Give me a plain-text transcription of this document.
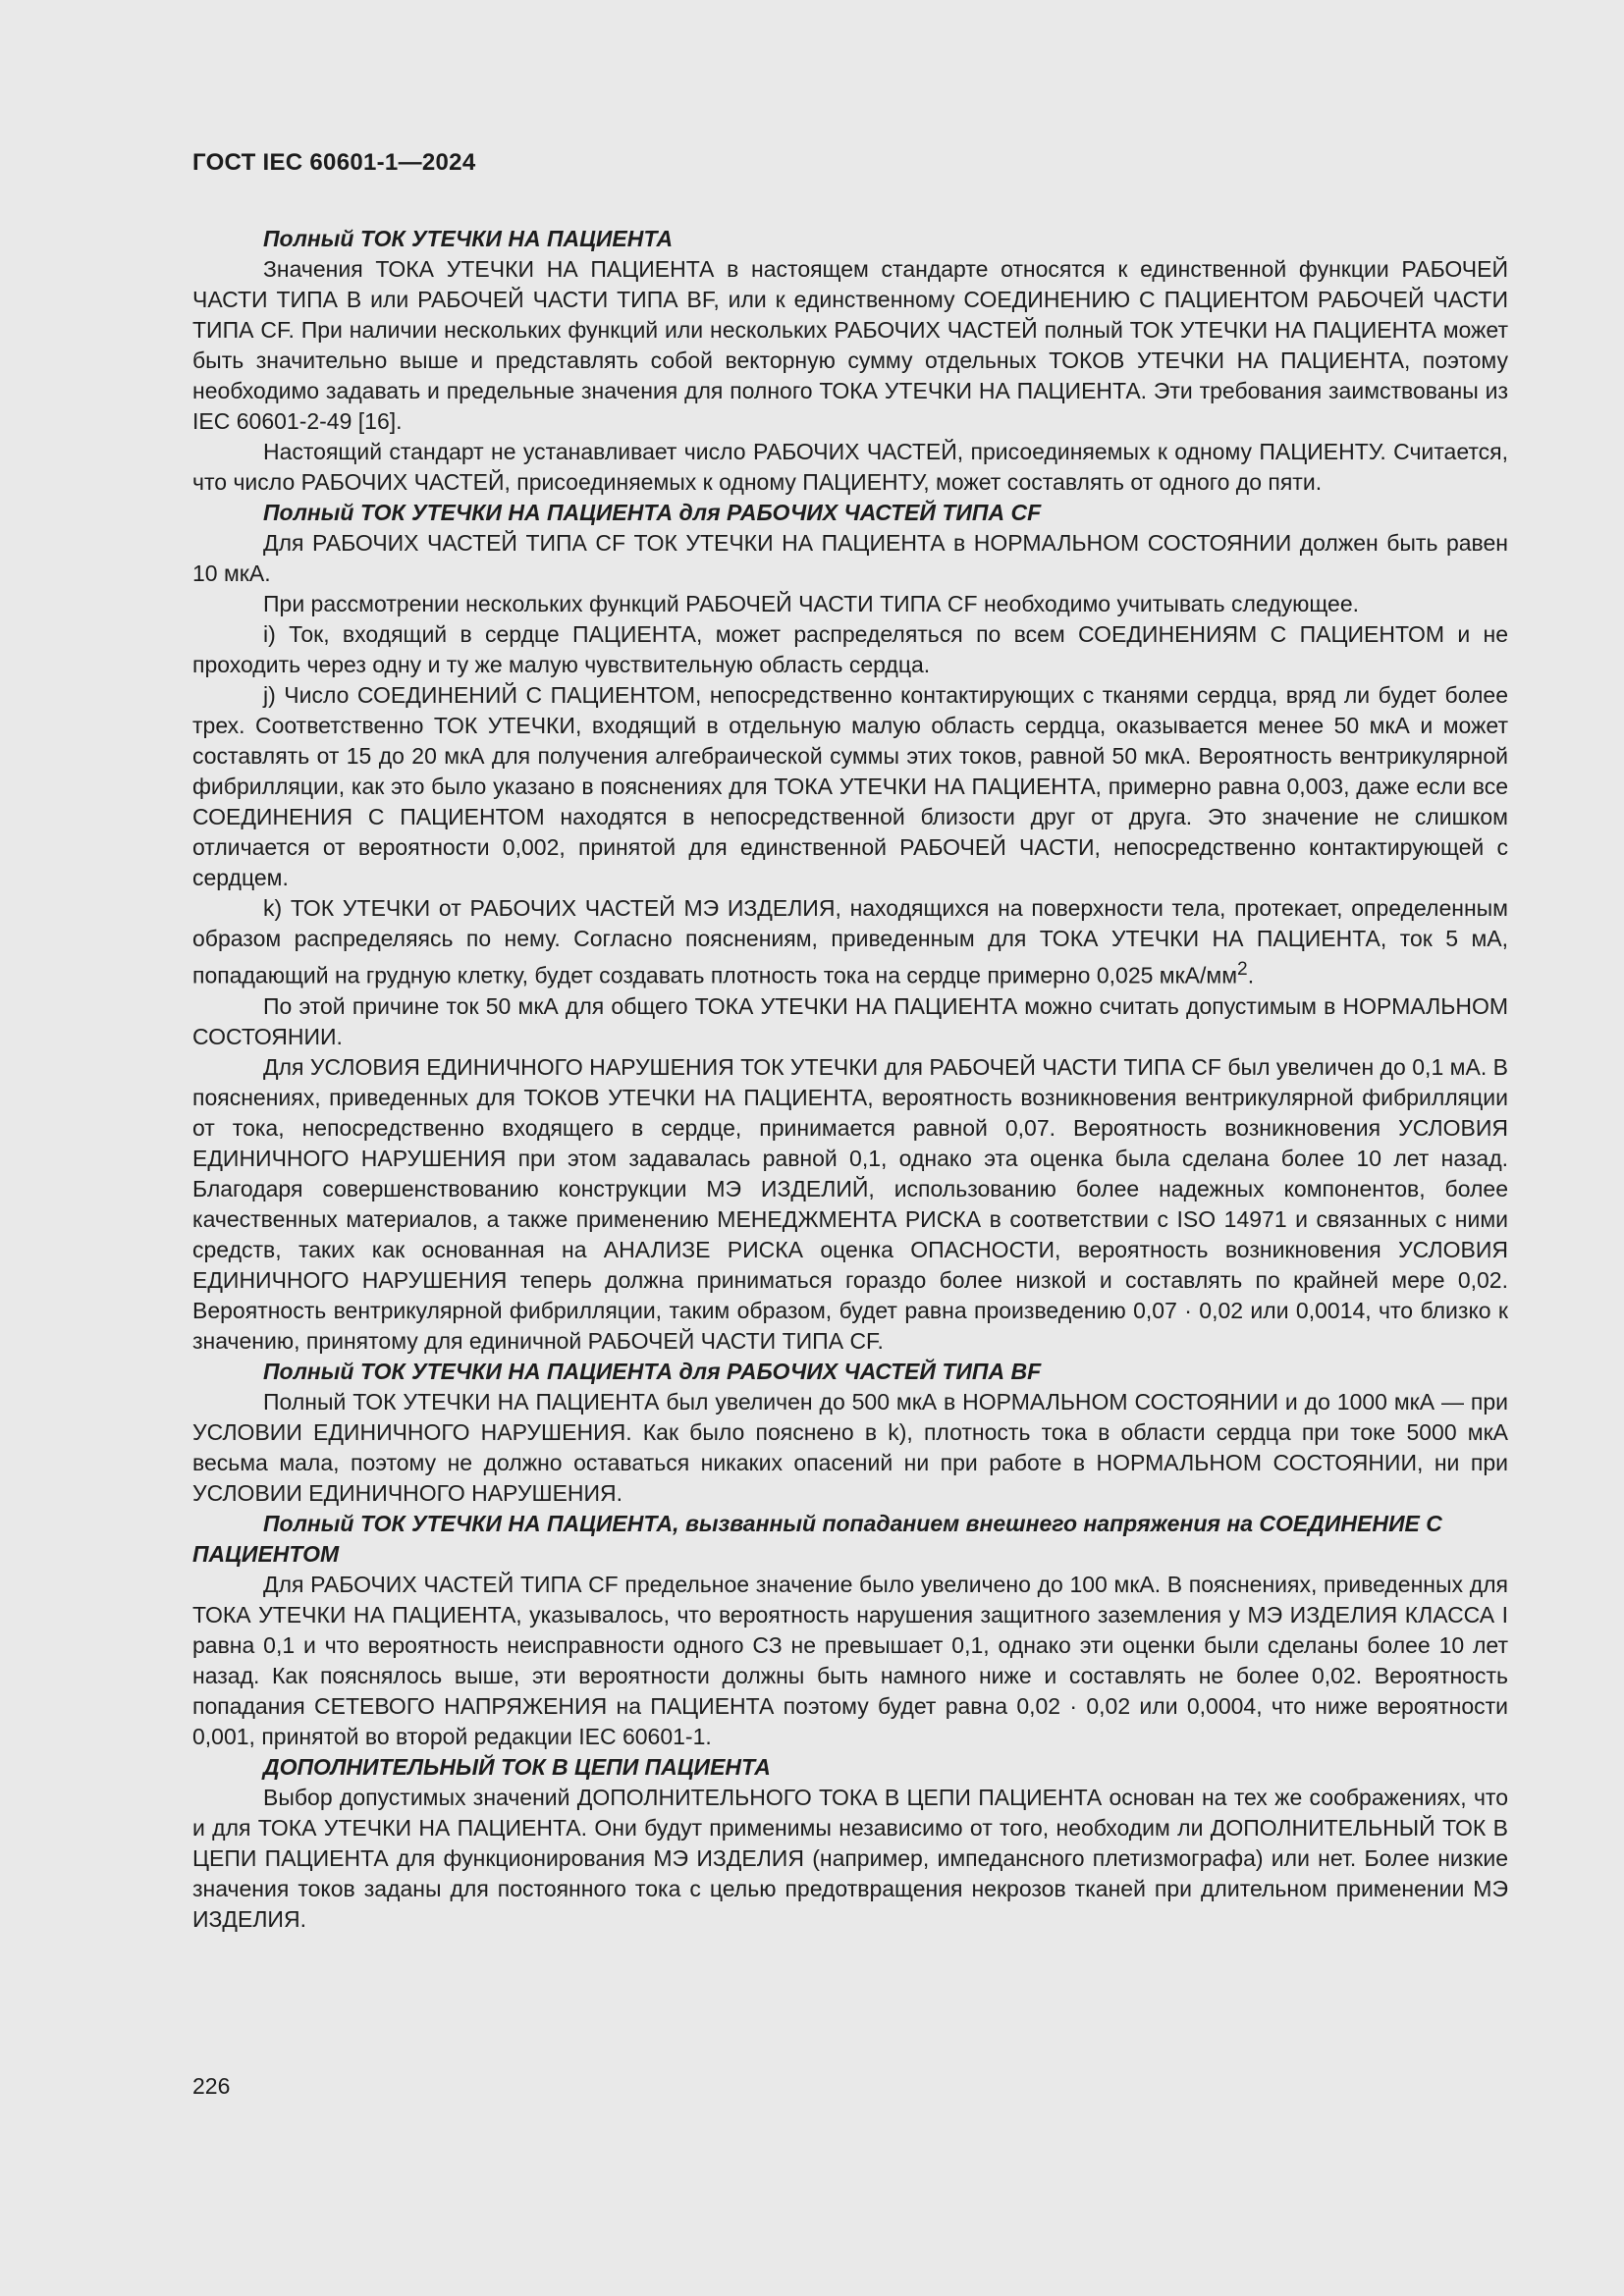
ГОСТ IEC 60601-1—2024

Полный ТОК УТЕЧКИ НА ПАЦИЕНТА

Значения ТОКА УТЕЧКИ НА ПАЦИЕНТА в настоящем стандарте относятся к единственной функции РАБОЧЕЙ ЧАСТИ ТИПА В или РАБОЧЕЙ ЧАСТИ ТИПА BF, или к единственному СОЕДИНЕНИЮ С ПАЦИЕНТОМ РАБОЧЕЙ ЧАСТИ ТИПА CF. При наличии нескольких функций или нескольких РАБОЧИХ ЧАСТЕЙ полный ТОК УТЕЧКИ НА ПАЦИЕНТА может быть значительно выше и представлять собой векторную сумму отдельных ТОКОВ УТЕЧКИ НА ПАЦИЕНТА, поэтому необходимо задавать и предельные значения для полного ТОКА УТЕЧКИ НА ПАЦИЕНТА. Эти требования заимствованы из IEC 60601-2-49 [16].

Настоящий стандарт не устанавливает число РАБОЧИХ ЧАСТЕЙ, присоединяемых к одному ПАЦИЕНТУ. Считается, что число РАБОЧИХ ЧАСТЕЙ, присоединяемых к одному ПАЦИЕНТУ, может составлять от одного до пяти.

Полный ТОК УТЕЧКИ НА ПАЦИЕНТА для РАБОЧИХ ЧАСТЕЙ ТИПА CF

Для РАБОЧИХ ЧАСТЕЙ ТИПА CF ТОК УТЕЧКИ НА ПАЦИЕНТА в НОРМАЛЬНОМ СОСТОЯНИИ должен быть равен 10 мкА.

При рассмотрении нескольких функций РАБОЧЕЙ ЧАСТИ ТИПА CF необходимо учитывать следующее.

i) Ток, входящий в сердце ПАЦИЕНТА, может распределяться по всем СОЕДИНЕНИЯМ С ПАЦИЕНТОМ и не проходить через одну и ту же малую чувствительную область сердца.

j) Число СОЕДИНЕНИЙ С ПАЦИЕНТОМ, непосредственно контактирующих с тканями сердца, вряд ли будет более трех. Соответственно ТОК УТЕЧКИ, входящий в отдельную малую область сердца, оказывается менее 50 мкА и может составлять от 15 до 20 мкА для получения алгебраической суммы этих токов, равной 50 мкА. Вероятность вентрикулярной фибрилляции, как это было указано в пояснениях для ТОКА УТЕЧКИ НА ПАЦИЕНТА, примерно равна 0,003, даже если все СОЕДИНЕНИЯ С ПАЦИЕНТОМ находятся в непосредственной близости друг от друга. Это значение не слишком отличается от вероятности 0,002, принятой для единственной РАБОЧЕЙ ЧАСТИ, непосредственно контактирующей с сердцем.

k) ТОК УТЕЧКИ от РАБОЧИХ ЧАСТЕЙ МЭ ИЗДЕЛИЯ, находящихся на поверхности тела, протекает, определенным образом распределяясь по нему. Согласно пояснениям, приведенным для ТОКА УТЕЧКИ НА ПАЦИЕНТА, ток 5 мА, попадающий на грудную клетку, будет создавать плотность тока на сердце примерно 0,025 мкА/$мм^2$.

По этой причине ток 50 мкА для общего ТОКА УТЕЧКИ НА ПАЦИЕНТА можно считать допустимым в НОРМАЛЬНОМ СОСТОЯНИИ.

Для УСЛОВИЯ ЕДИНИЧНОГО НАРУШЕНИЯ ТОК УТЕЧКИ для РАБОЧЕЙ ЧАСТИ ТИПА CF был увеличен до 0,1 мА. В пояснениях, приведенных для ТОКОВ УТЕЧКИ НА ПАЦИЕНТА, вероятность возникновения вентрикулярной фибрилляции от тока, непосредственно входящего в сердце, принимается равной 0,07. Вероятность возникновения УСЛОВИЯ ЕДИНИЧНОГО НАРУШЕНИЯ при этом задавалась равной 0,1, однако эта оценка была сделана более 10 лет назад. Благодаря совершенствованию конструкции МЭ ИЗДЕЛИЙ, использованию более надежных компонентов, более качественных материалов, а также применению МЕНЕДЖМЕНТА РИСКА в соответствии с ISO 14971 и связанных с ними средств, таких как основанная на АНАЛИЗЕ РИСКА оценка ОПАСНОСТИ, вероятность возникновения УСЛОВИЯ ЕДИНИЧНОГО НАРУШЕНИЯ теперь должна приниматься гораздо более низкой и составлять по крайней мере 0,02. Вероятность вентрикулярной фибрилляции, таким образом, будет равна произведению 0,07 · 0,02 или 0,0014, что близко к значению, принятому для единичной РАБОЧЕЙ ЧАСТИ ТИПА CF.

Полный ТОК УТЕЧКИ НА ПАЦИЕНТА для РАБОЧИХ ЧАСТЕЙ ТИПА BF

Полный ТОК УТЕЧКИ НА ПАЦИЕНТА был увеличен до 500 мкА в НОРМАЛЬНОМ СОСТОЯНИИ и до 1000 мкА — при УСЛОВИИ ЕДИНИЧНОГО НАРУШЕНИЯ. Как было пояснено в k), плотность тока в области сердца при токе 5000 мкА весьма мала, поэтому не должно оставаться никаких опасений ни при работе в НОРМАЛЬНОМ СОСТОЯНИИ, ни при УСЛОВИИ ЕДИНИЧНОГО НАРУШЕНИЯ.

Полный ТОК УТЕЧКИ НА ПАЦИЕНТА, вызванный попаданием внешнего напряжения на СОЕДИНЕНИЕ С ПАЦИЕНТОМ

Для РАБОЧИХ ЧАСТЕЙ ТИПА CF предельное значение было увеличено до 100 мкА. В пояснениях, приведенных для ТОКА УТЕЧКИ НА ПАЦИЕНТА, указывалось, что вероятность нарушения защитного заземления у МЭ ИЗДЕЛИЯ КЛАССА I равна 0,1 и что вероятность неисправности одного СЗ не превышает 0,1, однако эти оценки были сделаны более 10 лет назад. Как пояснялось выше, эти вероятности должны быть намного ниже и составлять не более 0,02. Вероятность попадания СЕТЕВОГО НАПРЯЖЕНИЯ на ПАЦИЕНТА поэтому будет равна 0,02 · 0,02 или 0,0004, что ниже вероятности 0,001, принятой во второй редакции IEC 60601-1.

ДОПОЛНИТЕЛЬНЫЙ ТОК В ЦЕПИ ПАЦИЕНТА

Выбор допустимых значений ДОПОЛНИТЕЛЬНОГО ТОКА В ЦЕПИ ПАЦИЕНТА основан на тех же соображениях, что и для ТОКА УТЕЧКИ НА ПАЦИЕНТА. Они будут применимы независимо от того, необходим ли ДОПОЛНИТЕЛЬНЫЙ ТОК В ЦЕПИ ПАЦИЕНТА для функционирования МЭ ИЗДЕЛИЯ (например, импедансного плетизмографа) или нет. Более низкие значения токов заданы для постоянного тока с целью предотвращения некрозов тканей при длительном применении МЭ ИЗДЕЛИЯ.

226
